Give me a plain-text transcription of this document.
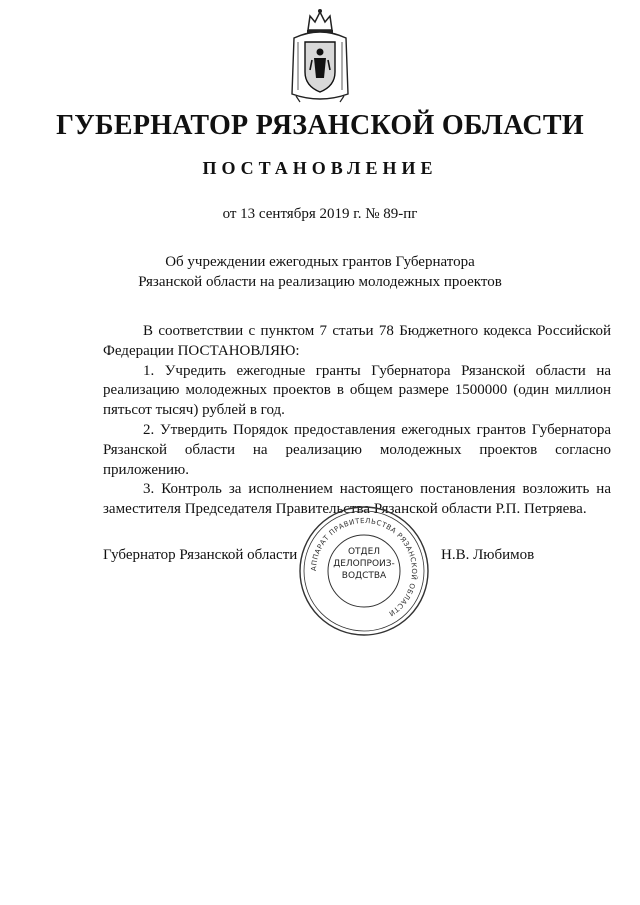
ГУБЕРНАТОР РЯЗАНСКОЙ ОБЛАСТИ
ПОСТАНОВЛЕНИЕ
от 13 сентября 2019 г. № 89-пг
Об учреждении ежегодных грантов Губернатора
Рязанской области на реализацию молодежных проектов

В соответствии с пунктом 7 статьи 78 Бюджетного кодекса Российской Федерации ПОСТАНОВЛЯЮ:

1. Учредить ежегодные гранты Губернатора Рязанской области на реализацию молодежных проектов в общем размере 1500000 (один миллион пятьсот тысяч) рублей в год.

2. Утвердить Порядок предоставления ежегодных грантов Губернатора Рязанской области на реализацию молодежных проектов согласно приложению.

3. Контроль за исполнением настоящего постановления возложить на заместителя Председателя Правительства Рязанской области Р.П. Петряева.

Губернатор Рязанской области	Н.В. Любимов
АППАРАТ ПРАВИТЕЛЬСТВА РЯЗАНСКОЙ ОБЛАСТИ
ОТДЕЛ
ДЕЛОПРОИЗ-
ВОДСТВА
